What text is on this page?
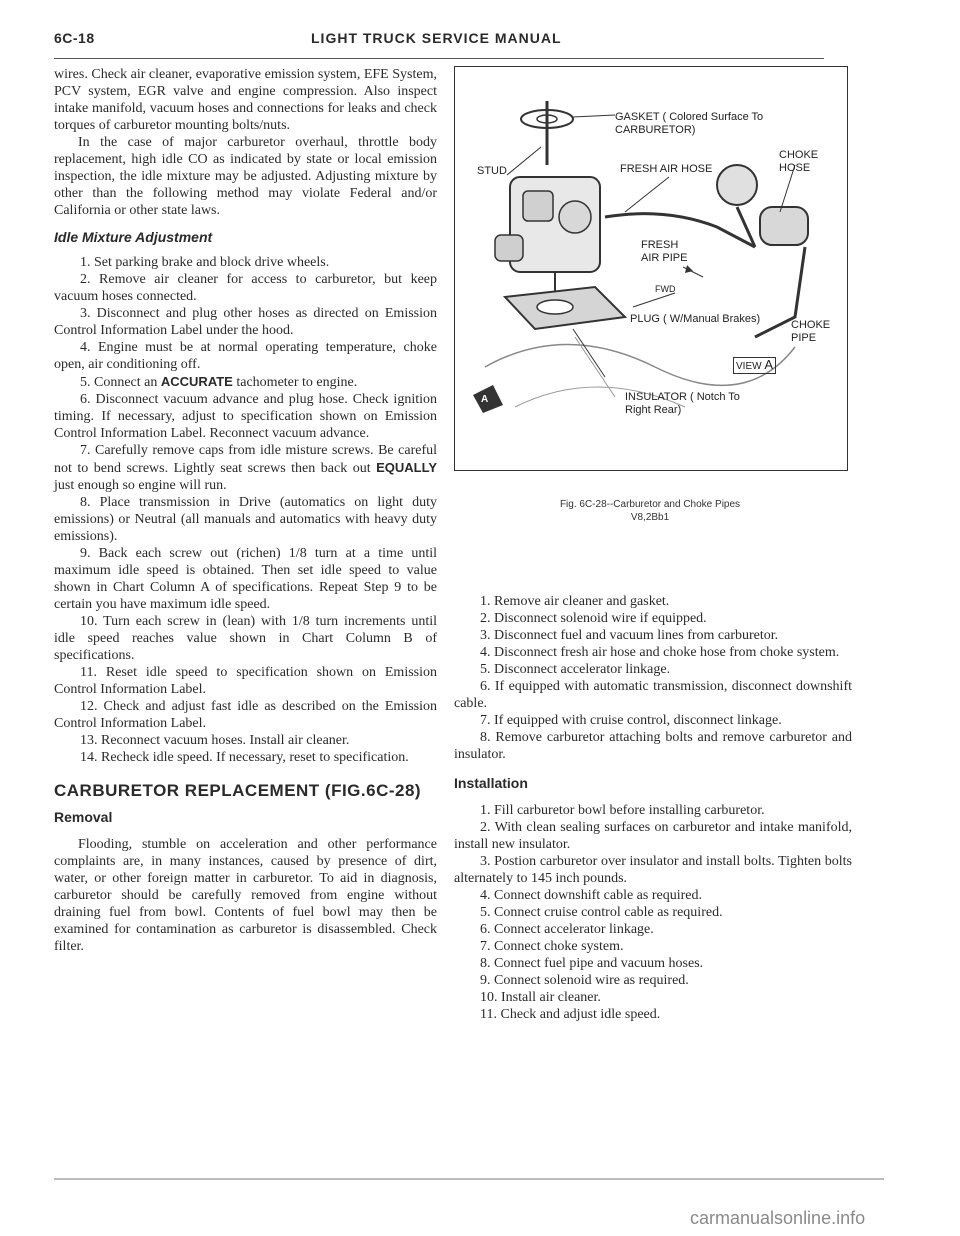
6C-18	LIGHT TRUCK SERVICE MANUAL

wires. Check air cleaner, evaporative emission system, EFE System, PCV system, EGR valve and engine compression. Also inspect intake manifold, vacuum hoses and connections for leaks and check torques of carburetor mounting bolts/nuts.

In the case of major carburetor overhaul, throttle body replacement, high idle CO as indicated by state or local emission inspection, the idle mixture may be adjusted. Adjusting mixture by other than the following method may violate Federal and/or California or other state laws.

Idle Mixture Adjustment

1. Set parking brake and block drive wheels.

2. Remove air cleaner for access to carburetor, but keep vacuum hoses connected.

3. Disconnect and plug other hoses as directed on Emission Control Information Label under the hood.

4. Engine must be at normal operating temperature, choke open, air conditioning off.

5. Connect an ACCURATE tachometer to engine.

6. Disconnect vacuum advance and plug hose. Check ignition timing. If necessary, adjust to specification shown on Emission Control Information Label. Reconnect vacuum advance.

7. Carefully remove caps from idle misture screws. Be careful not to bend screws. Lightly seat screws then back out EQUALLY just enough so engine will run.

8. Place transmission in Drive (automatics on light duty emissions) or Neutral (all manuals and automatics with heavy duty emissions).

9. Back each screw out (richen) 1/8 turn at a time until maximum idle speed is obtained. Then set idle speed to value shown in Chart Column A of specifications. Repeat Step 9 to be certain you have maximum idle speed.

10. Turn each screw in (lean) with 1/8 turn increments until idle speed reaches value shown in Chart Column B of specifications.

11. Reset idle speed to specification shown on Emission Control Information Label.

12. Check and adjust fast idle as described on the Emission Control Information Label.

13. Reconnect vacuum hoses. Install air cleaner.

14. Recheck idle speed. If necessary, reset to specification.

CARBURETOR REPLACEMENT (FIG.6C-28)
Removal

Flooding, stumble on acceleration and other performance complaints are, in many instances, caused by presence of dirt, water, or other foreign matter in carburetor. To aid in diagnosis, carburetor should be carefully removed from engine without draining fuel from bowl. Contents of fuel bowl may then be examined for contamination as carburetor is disassembled. Check filter.

GASKET ( Colored Surface To CARBURETOR)
STUD	FRESH AIR HOSE
CHOKE HOSE
FRESH AIR PIPE
FWD
PLUG ( W/Manual Brakes)	CHOKE PIPE
VIEW A
INSULATOR ( Notch To Right Rear)
A
Fig. 6C-28--Carburetor and Choke Pipes
V8,2Bb1

1. Remove air cleaner and gasket.

2. Disconnect solenoid wire if equipped.

3. Disconnect fuel and vacuum lines from carburetor.

4. Disconnect fresh air hose and choke hose from choke system.

5. Disconnect accelerator linkage.

6. If equipped with automatic transmission, disconnect downshift cable.

7. If equipped with cruise control, disconnect linkage.

8. Remove carburetor attaching bolts and remove carburetor and insulator.

Installation

1. Fill carburetor bowl before installing carburetor.

2. With clean sealing surfaces on carburetor and intake manifold, install new insulator.

3. Postion carburetor over insulator and install bolts. Tighten bolts alternately to 145 inch pounds.

4. Connect downshift cable as required.

5. Connect cruise control cable as required.

6. Connect accelerator linkage.

7. Connect choke system.

8. Connect fuel pipe and vacuum hoses.

9. Connect solenoid wire as required.

10. Install air cleaner.

11. Check and adjust idle speed.

carmanualsonline.info
